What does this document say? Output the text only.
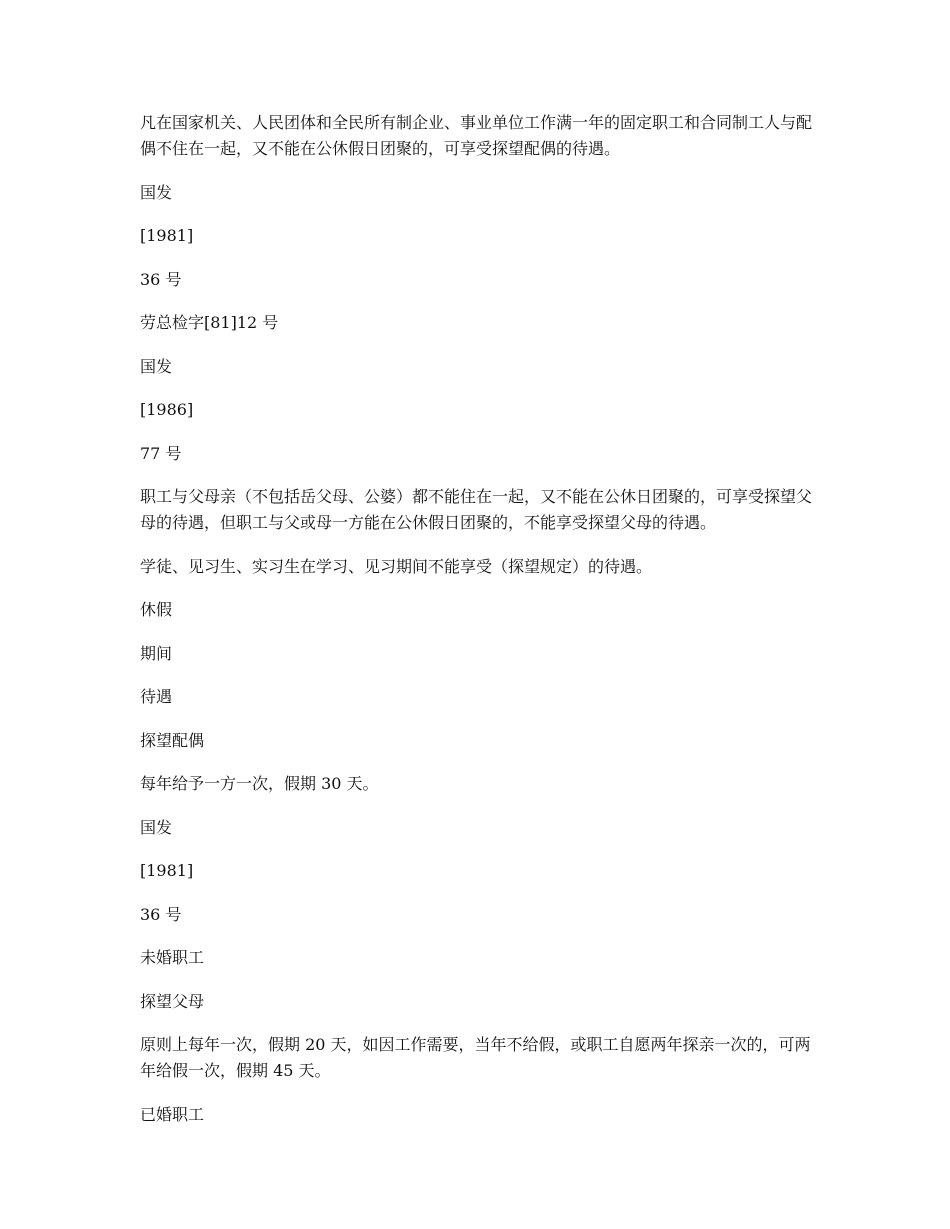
凡在国家机关、人民团体和全民所有制企业、事业单位工作满一年的固定职工和合同制工人与配偶不住在一起，又不能在公休假日团聚的，可享受探望配偶的待遇。

国发

[1981]

36 号

劳总检字[81]12 号

国发

[1986]

77 号

职工与父母亲（不包括岳父母、公婆）都不能住在一起，又不能在公休日团聚的，可享受探望父母的待遇，但职工与父或母一方能在公休假日团聚的，不能享受探望父母的待遇。

学徒、见习生、实习生在学习、见习期间不能享受（探望规定）的待遇。

休假

期间

待遇

探望配偶

每年给予一方一次，假期 30 天。

国发

[1981]

36 号

未婚职工

探望父母

原则上每年一次，假期 20 天，如因工作需要，当年不给假，或职工自愿两年探亲一次的，可两年给假一次，假期 45 天。

已婚职工
